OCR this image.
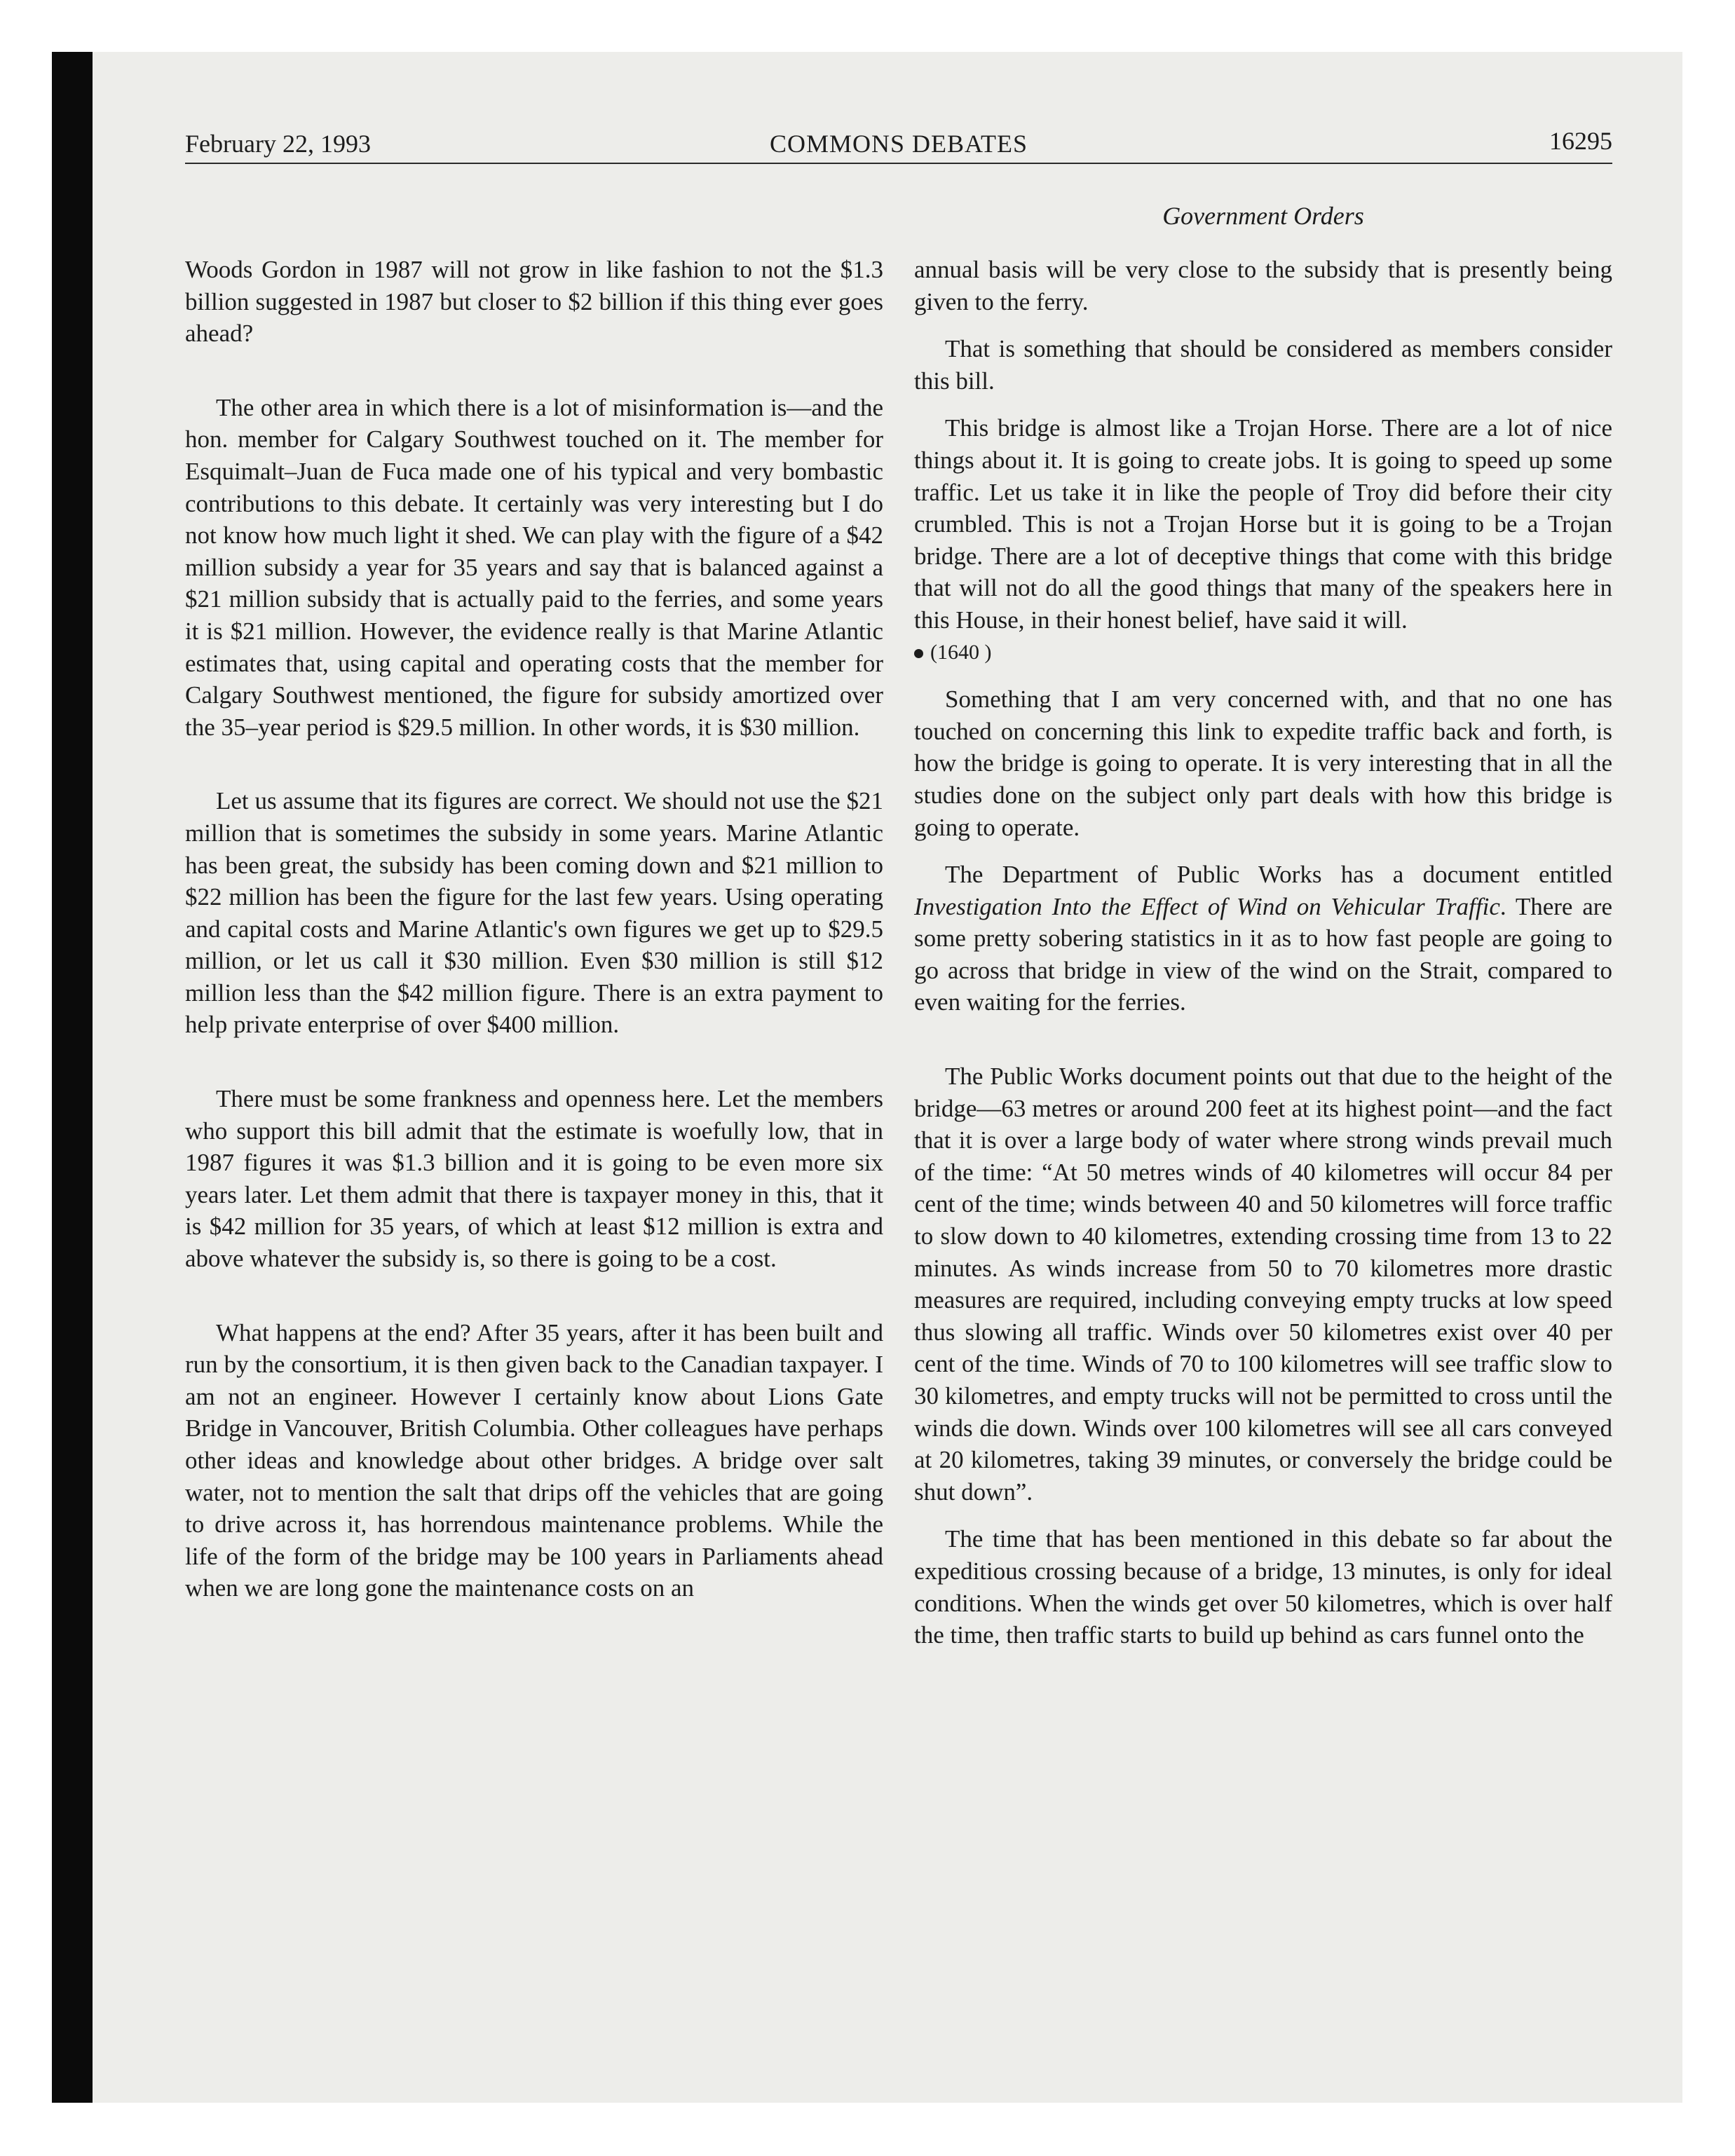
February 22, 1993	COMMONS DEBATES	16295
Government Orders

Woods Gordon in 1987 will not grow in like fashion to not the $1.3 billion suggested in 1987 but closer to $2 billion if this thing ever goes ahead?

The other area in which there is a lot of misinformation is—and the hon. member for Calgary Southwest touched on it. The member for Esquimalt–Juan de Fuca made one of his typical and very bombastic contributions to this debate. It certainly was very interesting but I do not know how much light it shed. We can play with the figure of a $42 million subsidy a year for 35 years and say that is balanced against a $21 million subsidy that is actually paid to the ferries, and some years it is $21 million. However, the evidence really is that Marine Atlantic estimates that, using capital and operating costs that the member for Calgary Southwest mentioned, the figure for subsidy amortized over the 35–year period is $29.5 million. In other words, it is $30 million.

Let us assume that its figures are correct. We should not use the $21 million that is sometimes the subsidy in some years. Marine Atlantic has been great, the subsidy has been coming down and $21 million to $22 million has been the figure for the last few years. Using operating and capital costs and Marine Atlantic's own figures we get up to $29.5 million, or let us call it $30 million. Even $30 million is still $12 million less than the $42 million figure. There is an extra payment to help private enterprise of over $400 million.

There must be some frankness and openness here. Let the members who support this bill admit that the estimate is woefully low, that in 1987 figures it was $1.3 billion and it is going to be even more six years later. Let them admit that there is taxpayer money in this, that it is $42 million for 35 years, of which at least $12 million is extra and above whatever the subsidy is, so there is going to be a cost.

What happens at the end? After 35 years, after it has been built and run by the consortium, it is then given back to the Canadian taxpayer. I am not an engineer. However I certainly know about Lions Gate Bridge in Vancouver, British Columbia. Other colleagues have perhaps other ideas and knowledge about other bridges. A bridge over salt water, not to mention the salt that drips off the vehicles that are going to drive across it, has horrendous maintenance problems. While the life of the form of the bridge may be 100 years in Parliaments ahead when we are long gone the maintenance costs on an

annual basis will be very close to the subsidy that is presently being given to the ferry.

That is something that should be considered as members consider this bill.

This bridge is almost like a Trojan Horse. There are a lot of nice things about it. It is going to create jobs. It is going to speed up some traffic. Let us take it in like the people of Troy did before their city crumbled. This is not a Trojan Horse but it is going to be a Trojan bridge. There are a lot of deceptive things that come with this bridge that will not do all the good things that many of the speakers here in this House, in their honest belief, have said it will.

(1640 )

Something that I am very concerned with, and that no one has touched on concerning this link to expedite traffic back and forth, is how the bridge is going to operate. It is very interesting that in all the studies done on the subject only part deals with how this bridge is going to operate.

The Department of Public Works has a document entitled Investigation Into the Effect of Wind on Vehicular Traffic. There are some pretty sobering statistics in it as to how fast people are going to go across that bridge in view of the wind on the Strait, compared to even waiting for the ferries.

The Public Works document points out that due to the height of the bridge—63 metres or around 200 feet at its highest point—and the fact that it is over a large body of water where strong winds prevail much of the time: “At 50 metres winds of 40 kilometres will occur 84 per cent of the time; winds between 40 and 50 kilometres will force traffic to slow down to 40 kilometres, extending crossing time from 13 to 22 minutes. As winds increase from 50 to 70 kilometres more drastic measures are required, including conveying empty trucks at low speed thus slowing all traffic. Winds over 50 kilometres exist over 40 per cent of the time. Winds of 70 to 100 kilometres will see traffic slow to 30 kilometres, and empty trucks will not be permitted to cross until the winds die down. Winds over 100 kilometres will see all cars conveyed at 20 kilometres, taking 39 minutes, or conversely the bridge could be shut down”.

The time that has been mentioned in this debate so far about the expeditious crossing because of a bridge, 13 minutes, is only for ideal conditions. When the winds get over 50 kilometres, which is over half the time, then traffic starts to build up behind as cars funnel onto the
